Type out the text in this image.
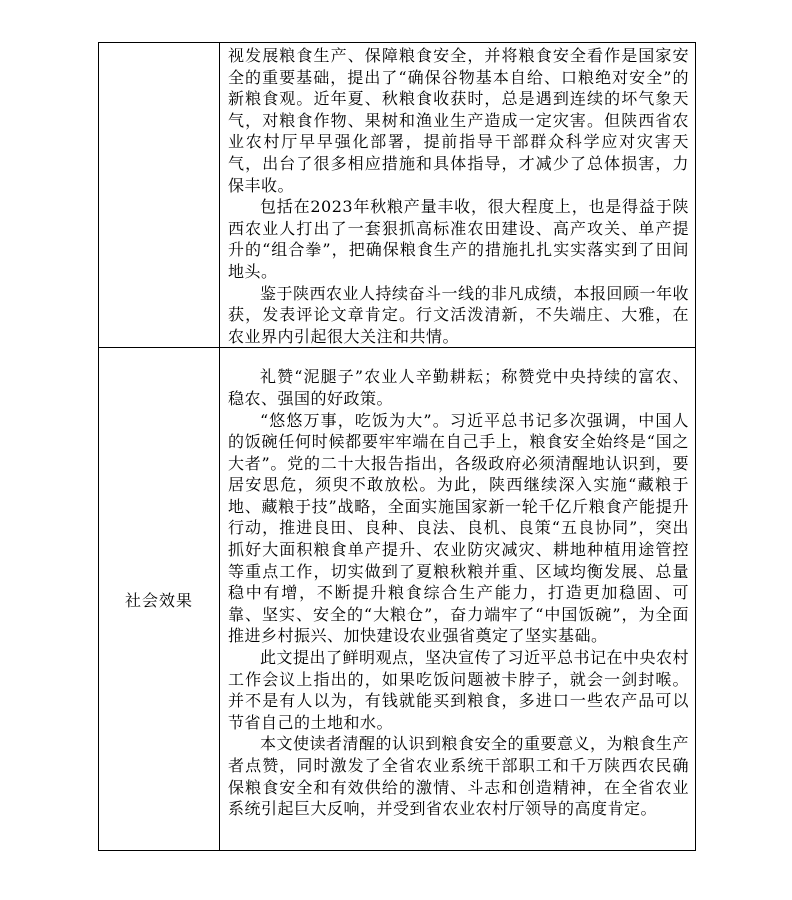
	视发展粮食生产、保障粮食安全，并将粮食安全看作是国家安全的重要基础，提出了“确保谷物基本自给、口粮绝对安全”的新粮食观。近年夏、秋粮食收获时，总是遇到连续的坏气象天气，对粮食作物、果树和渔业生产造成一定灾害。但陕西省农业农村厅早早强化部署，提前指导干部群众科学应对灾害天气，出台了很多相应措施和具体指导，才减少了总体损害，力保丰收。

包括在2023年秋粮产量丰收，很大程度上，也是得益于陕西农业人打出了一套狠抓高标准农田建设、高产攻关、单产提升的“组合拳”，把确保粮食生产的措施扎扎实实落实到了田间地头。

鉴于陕西农业人持续奋斗一线的非凡成绩，本报回顾一年收获，发表评论文章肯定。行文活泼清新，不失端庄、大雅，在农业界内引起很大关注和共情。

社会效果	礼赞“泥腿子”农业人辛勤耕耘；称赞党中央持续的富农、稳农、强国的好政策。

“悠悠万事，吃饭为大”。习近平总书记多次强调，中国人的饭碗任何时候都要牢牢端在自己手上，粮食安全始终是“国之大者”。党的二十大报告指出，各级政府必须清醒地认识到，要居安思危，须臾不敢放松。为此，陕西继续深入实施“藏粮于地、藏粮于技”战略，全面实施国家新一轮千亿斤粮食产能提升行动，推进良田、良种、良法、良机、良策“五良协同”，突出抓好大面积粮食单产提升、农业防灾减灾、耕地种植用途管控等重点工作，切实做到了夏粮秋粮并重、区域均衡发展、总量稳中有增，不断提升粮食综合生产能力，打造更加稳固、可靠、坚实、安全的“大粮仓”，奋力端牢了“中国饭碗”，为全面推进乡村振兴、加快建设农业强省奠定了坚实基础。

此文提出了鲜明观点，坚决宣传了习近平总书记在中央农村工作会议上指出的，如果吃饭问题被卡脖子，就会一剑封喉。并不是有人以为，有钱就能买到粮食，多进口一些农产品可以节省自己的土地和水。

本文使读者清醒的认识到粮食安全的重要意义，为粮食生产者点赞，同时激发了全省农业系统干部职工和千万陕西农民确保粮食安全和有效供给的激情、斗志和创造精神，在全省农业系统引起巨大反响，并受到省农业农村厅领导的高度肯定。
